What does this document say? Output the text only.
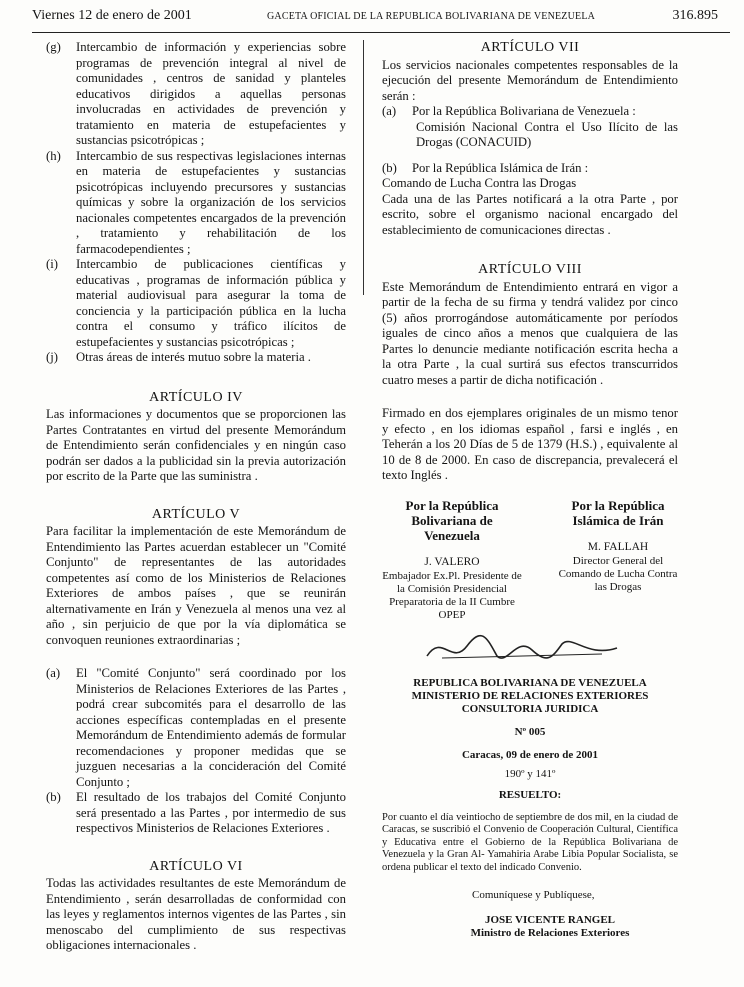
Viernes 12 de enero de 2001	GACETA OFICIAL DE LA REPUBLICA BOLIVARIANA DE VENEZUELA	316.895
(g)	Intercambio de información y experiencias sobre programas de prevención integral al nivel de comunidades , centros de sanidad y planteles educativos dirigidos a aquellas personas involucradas en actividades de prevención y tratamiento en materia de estupefacientes y sustancias psicotrópicas ;
(h)	Intercambio de sus respectivas legislaciones internas en materia de estupefacientes y sustancias psicotrópicas incluyendo precursores y sustancias químicas y sobre la organización de los servicios nacionales competentes encargados de la prevención , tratamiento y rehabilitación de los farmacodependientes ;
(i)	Intercambio de publicaciones científicas y educativas , programas de información pública y material audiovisual para asegurar la toma de conciencia y la participación pública en la lucha contra el consumo y tráfico ilícitos de estupefacientes y sustancias psicotrópicas ;
(j)	Otras áreas de interés mutuo sobre la materia .
ARTÍCULO IV

Las informaciones y documentos que se proporcionen las Partes Contratantes en virtud del presente Memorándum de Entendimiento serán confidenciales y en ningún caso podrán ser dados a la publicidad sin la previa autorización por escrito de la Parte que las suministra .

ARTÍCULO V

Para facilitar la implementación de este Memorándum de Entendimiento las Partes acuerdan establecer un "Comité Conjunto" de representantes de las autoridades competentes así como de los Ministerios de Relaciones Exteriores de ambos países , que se reunirán alternativamente en Irán y Venezuela al menos una vez al año , sin perjuicio de que por la vía diplomática se convoquen reuniones extraordinarias ;

(a)	El "Comité Conjunto" será coordinado por los Ministerios de Relaciones Exteriores de las Partes , podrá crear subcomités para el desarrollo de las acciones específicas contempladas en el presente Memorándum de Entendimiento además de formular recomendaciones y proponer medidas que se juzguen necesarias a la concideración del Comité Conjunto ;
(b)	El resultado de los trabajos del Comité Conjunto será presentado a las Partes , por intermedio de sus respectivos Ministerios de Relaciones Exteriores .
ARTÍCULO VI

Todas las actividades resultantes de este Memorándum de Entendimiento , serán desarrolladas de conformidad con las leyes y reglamentos internos vigentes de las Partes , sin menoscabo del cumplimiento de sus respectivas obligaciones internacionales .

ARTÍCULO VII

Los servicios nacionales competentes responsables de la ejecución del presente Memorándum de Entendimiento serán :

(a)	Por la República Bolivariana de Venezuela :

Comisión Nacional Contra el Uso Ilícito de las Drogas (CONACUID)

(b)	Por la República Islámica de Irán :

Comando de Lucha Contra las Drogas

Cada una de las Partes notificará a la otra Parte , por escrito, sobre el organismo nacional encargado del establecimiento de comunicaciones directas .

ARTÍCULO VIII

Este Memorándum de Entendimiento entrará en vigor a partir de la fecha de su firma y tendrá validez por cinco (5) años prorrogándose automáticamente por períodos iguales de cinco años a menos que cualquiera de las Partes lo denuncie mediante notificación escrita hecha a la otra Parte , la cual surtirá sus efectos transcurridos cuatro meses a partir de dicha notificación .

Firmado en dos ejemplares originales de un mismo tenor y efecto , en los idiomas español , farsi e inglés , en Teherán a los 20 Días de 5 de 1379 (H.S.) , equivalente al 10 de 8 de 2000. En caso de discrepancia, prevalecerá el texto Inglés .

Por la República Bolivariana de Venezuela
J. VALERO
Embajador Ex.Pl. Presidente de la Comisión Presidencial Preparatoria de la II Cumbre OPEP
Por la República Islámica de Irán
M. FALLAH
Director General del Comando de Lucha Contra las Drogas
REPUBLICA BOLIVARIANA DE VENEZUELA
MINISTERIO DE RELACIONES EXTERIORES
CONSULTORIA JURIDICA
Nº 005
Caracas, 09 de enero de 2001
190º y 141º
RESUELTO:

Por cuanto el día veintiocho de septiembre de dos mil, en la ciudad de Caracas, se suscribió el Convenio de Cooperación Cultural, Científica y Educativa entre el Gobierno de la República Bolivariana de Venezuela y la Gran Al- Yamahiria Arabe Libia Popular Socialista, se ordena publicar el texto del indicado Convenio.

Comuníquese y Publíquese,
JOSE VICENTE RANGEL
Ministro de Relaciones Exteriores
